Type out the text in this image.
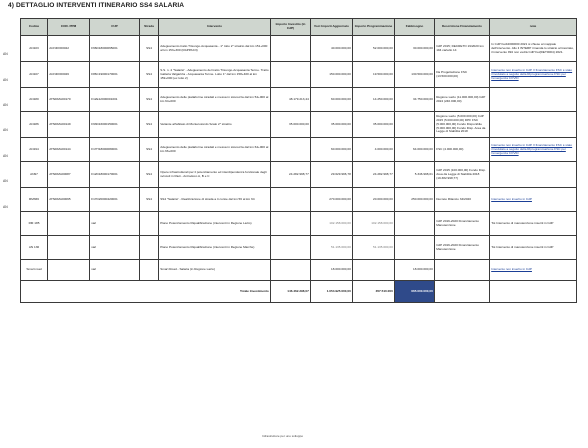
4) DETTAGLIO INTERVENTI ITINERARIO SS4 SALARIA
Codice	COD. PPM	CUP	Strada	Intervento	Importo Investito (in CdP)	Voci Importi Aggiornato	Importo Programmazione	Fabbisogno	Descrizione Finanziamento	note
AN103	ACNDO00022	F66D18000065001	SS4	Adeguamento tratto Trisungo-Acquasanta - 1° lotto 2° stralcio dal km 151+000 al km 153+300 (RAPPAC3)		40.000.000,00	52.000.000,00	30.000.000,00	CdP 2015; DECRETO 19/2020 km 194 cartello 14	In CdP Fei42000000 2021 si chiese al mappale dell'intervento. Allo il INTERP rimanda lo stralcio al tracciato, il intervento 994 non vedrà CdP Fei(DET0004) 2021.
AN107	ACNDO00026	F86C19000170001	SS4	S.S. n. 4 "Salaria" - Adeguamento del tratto Trisungo-Acquasanta Terme. Tratto Galleria Valgarizia - Acquasanta Terme. Lotto 1° dal km 158+400 al km 159+000 (ex lotto 2)		150.000.000,00	19.500.000,00	130.500.000,00	Da Progettazione FSC (13.500.000,00)	Intervento non inserito in CdP. Il finanziamento FSC è stato rimodulato a seguito della Riprogrammazione FSC per l'emergenza COVID
AN180	ATNDMA00170	F12E12000001001	SS4	Adeguamento delle piattaforme stradali e messa in sicurezza dal km 54+000 al km 64+000	48.179.213,44	60.000.000,00	14.250.000,00	34.750.000,00	Regione Lazio (11.000.000,00) CdP 2024 (240.000,00)	
AN186	ATNDMA00149	F93D16000150001	SS4	Variante all'abitato di Monterotondo Scalo 2° stralcio	35.000.000,00	35.000.000,00	35.000.000,00		Regione Lazio (5.000.000,00) CdP 2015 (5.000.000,00) DPF FSC (5.000.000,00) Fondo Disponibile (5.000.000,00) Fondo Disp. Area da Legge di Stabilità 2018	
AN194	ATNDMA00144	F17H18000080001	SS4	Adeguamento delle piattaforme stradali e messa in sicurezza dal km 64+000 al km 66+000		60.000.000,00	4.000.000,00	64.000.000,00	FSC (4.000.000,00)	Intervento non inserito in CdP. Il finanziamento FSC è stato rimodulato a seguito della Riprogrammazione FSC per l'emergenza COVID
AN97	ATNDMA00087	F12D18000170001	SS4	Opere infrastrutturali per il potenziamento ed interdipendenza funzionale degli svincoli in Rieti - Antrodoco A, B e C	24.282.998,77	29.629.996,78	24.282.998,77	5.346.998,01	CdP 2015 (100.000,00) Fondo Disp. Area da Legge di Stabilità 2018 (19.382.998,77)	
RM366	ATNDMA00095	F17D20000420001	SS4	SS4 "Salaria" - Realizzazione di strada a 4 corsie dal km 56 al km 64		270.000.000,00	20.000.000,00	250.000.000,00	Decreto Rilancio 34/2020	Intervento non inserito in CdP
RM 185		vari		Piano Potenziamento Riqualificazione (interventi in Regione Lazio)		102.158.000,00	102.158.000,00		CdP 2016-2020 Finanziamento Manutenzione	Tot Intervento di manutenzione inseriti in CdP
AN 136		vari		Piano Potenziamento Riqualificazione (interventi in Regione Marche)		51.135.000,00	51.135.000,00		CdP 2016-2020 Finanziamento Manutenzione	Tot Intervento di manutenzione inseriti in CdP
Smart road		vari		Smart Road - Salaria (in Regione Lazio)		18.000.000,00		18.000.000,00		Intervento non inserito in CdP
Totale Investimento					146.462.298,07	1.054.925.000,00	357.510.000	665.000.000,00		
AN
AN
AN
AN
AN
AN
AN
Infrastrutture per uno sviluppo
